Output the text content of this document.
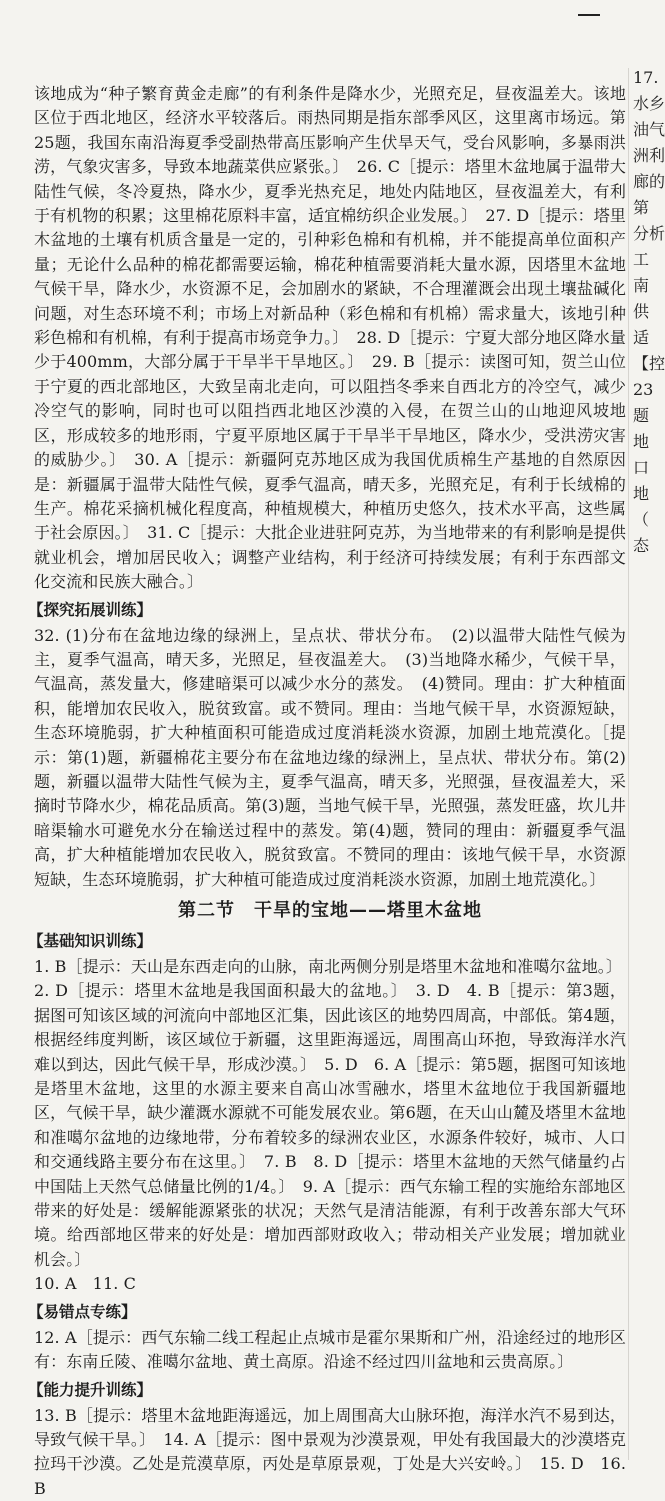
该地成为“种子繁育黄金走廊”的有利条件是降水少，光照充足，昼夜温差大。该地区位于西北地区，经济水平较落后。雨热同期是指东部季风区，这里离市场远。第25题，我国东南沿海夏季受副热带高压影响产生伏旱天气，受台风影响，多暴雨洪涝，气象灾害多，导致本地蔬菜供应紧张。〕　26. C［提示：塔里木盆地属于温带大陆性气候，冬冷夏热，降水少，夏季光热充足，地处内陆地区，昼夜温差大，有利于有机物的积累；这里棉花原料丰富，适宜棉纺织企业发展。〕　27. D［提示：塔里木盆地的土壤有机质含量是一定的，引种彩色棉和有机棉，并不能提高单位面积产量；无论什么品种的棉花都需要运输，棉花种植需要消耗大量水源，因塔里木盆地气候干旱，降水少，水资源不足，会加剧水的紧缺，不合理灌溉会出现土壤盐碱化问题，对生态环境不利；市场上对新品种（彩色棉和有机棉）需求量大，该地引种彩色棉和有机棉，有利于提高市场竞争力。〕　28. D［提示：宁夏大部分地区降水量少于400mm，大部分属于干旱半干旱地区。〕　29. B［提示：读图可知，贺兰山位于宁夏的西北部地区，大致呈南北走向，可以阻挡冬季来自西北方的冷空气，减少冷空气的影响，同时也可以阻挡西北地区沙漠的入侵，在贺兰山的山地迎风坡地区，形成较多的地形雨，宁夏平原地区属于干旱半干旱地区，降水少，受洪涝灾害的威胁少。〕　30. A［提示：新疆阿克苏地区成为我国优质棉生产基地的自然原因是：新疆属于温带大陆性气候，夏季气温高，晴天多，光照充足，有利于长绒棉的生产。棉花采摘机械化程度高，种植规模大，种植历史悠久，技术水平高，这些属于社会原因。〕　31. C［提示：大批企业进驻阿克苏，为当地带来的有利影响是提供就业机会，增加居民收入；调整产业结构，利于经济可持续发展；有利于东西部文化交流和民族大融合。〕

【探究拓展训练】

32. (1)分布在盆地边缘的绿洲上，呈点状、带状分布。　(2)以温带大陆性气候为主，夏季气温高，晴天多，光照足，昼夜温差大。　(3)当地降水稀少，气候干旱，气温高，蒸发量大，修建暗渠可以减少水分的蒸发。　(4)赞同。理由：扩大种植面积，能增加农民收入，脱贫致富。或不赞同。理由：当地气候干旱，水资源短缺，生态环境脆弱，扩大种植面积可能造成过度消耗淡水资源，加剧土地荒漠化。［提示：第(1)题，新疆棉花主要分布在盆地边缘的绿洲上，呈点状、带状分布。第(2)题，新疆以温带大陆性气候为主，夏季气温高，晴天多，光照强，昼夜温差大，采摘时节降水少，棉花品质高。第(3)题，当地气候干旱，光照强，蒸发旺盛，坎儿井暗渠输水可避免水分在输送过程中的蒸发。第(4)题，赞同的理由：新疆夏季气温高，扩大种植能增加农民收入，脱贫致富。不赞同的理由：该地气候干旱，水资源短缺，生态环境脆弱，扩大种植可能造成过度消耗淡水资源，加剧土地荒漠化。〕

第二节　干旱的宝地——塔里木盆地
【基础知识训练】

1. B［提示：天山是东西走向的山脉，南北两侧分别是塔里木盆地和准噶尔盆地。〕
2. D［提示：塔里木盆地是我国面积最大的盆地。〕　3. D　4. B［提示：第3题，据图可知该区域的河流向中部地区汇集，因此该区的地势四周高，中部低。第4题，根据经纬度判断，该区域位于新疆，这里距海遥远，周围高山环抱，导致海洋水汽难以到达，因此气候干旱，形成沙漠。〕　5. D　6. A［提示：第5题，据图可知该地是塔里木盆地，这里的水源主要来自高山冰雪融水，塔里木盆地位于我国新疆地区，气候干旱，缺少灌溉水源就不可能发展农业。第6题，在天山山麓及塔里木盆地和准噶尔盆地的边缘地带，分布着较多的绿洲农业区，水源条件较好，城市、人口和交通线路主要分布在这里。〕　7. B　8. D［提示：塔里木盆地的天然气储量约占中国陆上天然气总储量比例的1/4。〕　9. A［提示：西气东输工程的实施给东部地区带来的好处是：缓解能源紧张的状况；天然气是清洁能源，有利于改善东部大气环境。给西部地区带来的好处是：增加西部财政收入；带动相关产业发展；增加就业机会。〕
10. A　11. C

【易错点专练】

12. A［提示：西气东输二线工程起止点城市是霍尔果斯和广州，沿途经过的地形区有：东南丘陵、准噶尔盆地、黄土高原。沿途不经过四川盆地和云贵高原。〕

【能力提升训练】

13. B［提示：塔里木盆地距海遥远，加上周围高大山脉环抱，海洋水汽不易到达，导致气候干旱。〕　14. A［提示：图中景观为沙漠景观，甲处有我国最大的沙漠塔克拉玛干沙漠。乙处是荒漠草原，丙处是草原景观，丁处是大兴安岭。〕　15. D　16. B

17.
水乡
油气
洲利
廊的
第
分析
工
南
供
适
【控
23
题
地
口
地
（
态
